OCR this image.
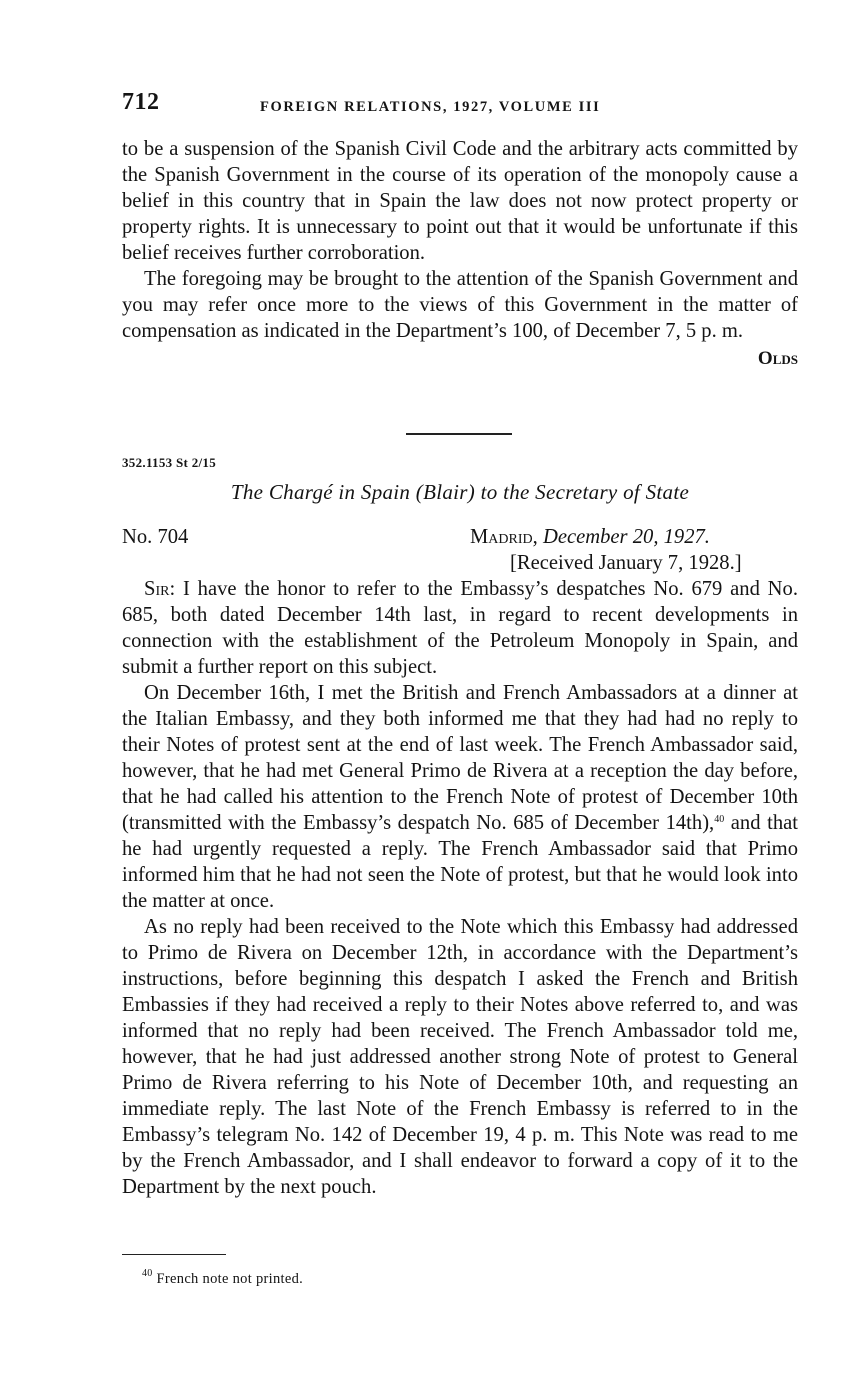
712	FOREIGN RELATIONS, 1927, VOLUME III

to be a suspension of the Spanish Civil Code and the arbitrary acts committed by the Spanish Government in the course of its operation of the monopoly cause a belief in this country that in Spain the law does not now protect property or property rights. It is unnecessary to point out that it would be unfortunate if this belief receives further corroboration.

The foregoing may be brought to the attention of the Spanish Government and you may refer once more to the views of this Government in the matter of compensation as indicated in the Department’s 100, of December 7, 5 p. m.

Olds

352.1153 St 2/15
The Chargé in Spain (Blair) to the Secretary of State
No. 704	Madrid, December 20, 1927.
[Received January 7, 1928.]

Sir: I have the honor to refer to the Embassy’s despatches No. 679 and No. 685, both dated December 14th last, in regard to recent developments in connection with the establishment of the Petroleum Monopoly in Spain, and submit a further report on this subject.

On December 16th, I met the British and French Ambassadors at a dinner at the Italian Embassy, and they both informed me that they had had no reply to their Notes of protest sent at the end of last week. The French Ambassador said, however, that he had met General Primo de Rivera at a reception the day before, that he had called his attention to the French Note of protest of December 10th (transmitted with the Embassy’s despatch No. 685 of December 14th),$^{40}$ and that he had urgently requested a reply. The French Ambassador said that Primo informed him that he had not seen the Note of protest, but that he would look into the matter at once.

As no reply had been received to the Note which this Embassy had addressed to Primo de Rivera on December 12th, in accordance with the Department’s instructions, before beginning this despatch I asked the French and British Embassies if they had received a reply to their Notes above referred to, and was informed that no reply had been received. The French Ambassador told me, however, that he had just addressed another strong Note of protest to General Primo de Rivera referring to his Note of December 10th, and requesting an immediate reply. The last Note of the French Embassy is referred to in the Embassy’s telegram No. 142 of December 19, 4 p. m. This Note was read to me by the French Ambassador, and I shall endeavor to forward a copy of it to the Department by the next pouch.

$^{40}$ French note not printed.
